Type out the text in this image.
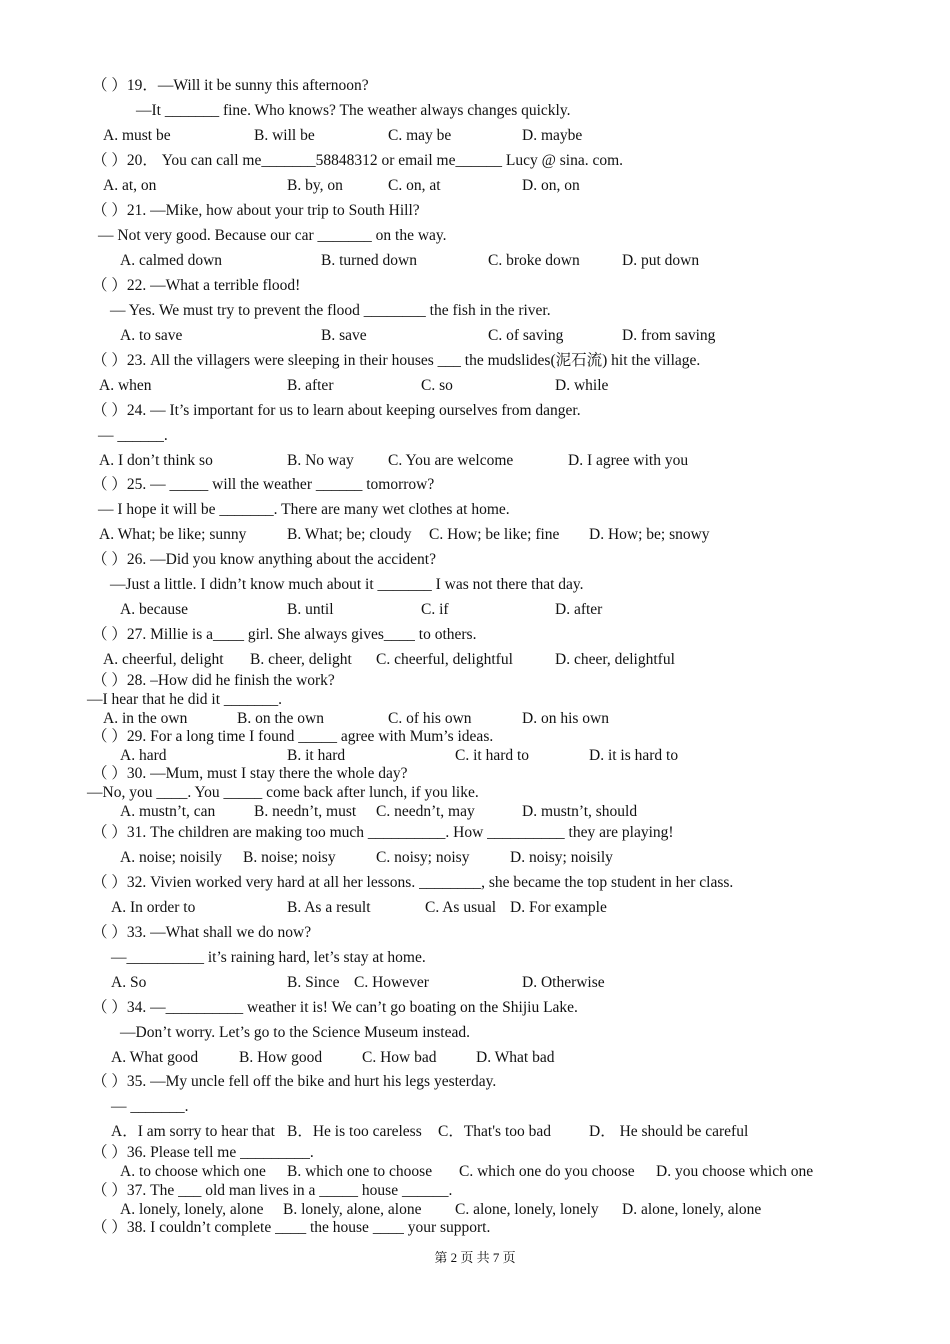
（ ）19．—Will it be sunny this afternoon?
—It _______ fine. Who knows? The weather always changes quickly.
A. must be	B. will be	C. may be	D. maybe
（ ）20． You can call me_______58848312 or email me______ Lucy @ sina. com.
A. at, on	B. by, on	C. on, at	D. on, on
（ ）21. —Mike, how about your trip to South Hill?
— Not very good. Because our car _______ on the way.
A. calmed down	B. turned down	C. broke down	D. put down
（ ）22. —What a terrible flood!
— Yes. We must try to prevent the flood ________ the fish in the river.
A. to save	B. save	C. of saving	D. from saving
（ ）23. All the villagers were sleeping in their houses ___ the mudslides(泥石流) hit the village.
A. when	B. after	C. so	D. while
（ ）24. — It’s important for us to learn about keeping ourselves from danger.
— ______.
A. I don’t think so	B. No way C. You are welcome	D. I agree with you
（ ）25. — _____ will the weather ______ tomorrow?
— I hope it will be _______. There are many wet clothes at home.
A. What; be like; sunny	B. What; be; cloudy C. How; be like; fine D. How; be; snowy
（ ）26. —Did you know anything about the accident?
—Just a little. I didn’t know much about it _______ I was not there that day.
A. because	B. until	C. if	D. after
（ ）27. Millie is a____ girl. She always gives____ to others.
A. cheerful, delight B. cheer, delight C. cheerful, delightful	D. cheer, delightful
（ ）28. –How did he finish the work?
—I hear that he did it _______.
A. in the own	B. on the own	C. of his own	D. on his own
（ ）29. For a long time I found _____ agree with Mum’s ideas.
A. hard	B. it hard	C. it hard to	D. it is hard to
（ ）30. —Mum, must I stay there the whole day?
—No, you ____. You _____ come back after lunch, if you like.
A. mustn’t, can B. needn’t, must C. needn’t, may	D. mustn’t, should
（ ）31. The children are making too much __________. How __________ they are playing!
A. noise; noisily B. noise; noisy	C. noisy; noisy	D. noisy; noisily
（ ）32. Vivien worked very hard at all her lessons. ________, she became the top student in her class.
A. In order to	B. As a result	C. As usual D. For example
（ ）33. —What shall we do now?
—__________ it’s raining hard, let’s stay at home.
A. So	B. Since C. However	D. Otherwise
（ ）34. —__________ weather it is! We can’t go boating on the Shijiu Lake.
—Don’t worry. Let’s go to the Science Museum instead.
A. What good	B. How good	C. How bad	D. What bad
（ ）35. —My uncle fell off the bike and hurt his legs yesterday.
— _______.
A．I am sorry to hear that B．He is too careless C．That's too bad D． He should be careful
（ ）36. Please tell me _________.
A. to choose which one B. which one to choose C. which one do you choose D. you choose which one
（ ）37. The ___ old man lives in a _____ house ______.
A. lonely, lonely, alone B. lonely, alone, alone C. alone, lonely, lonely D. alone, lonely, alone
（ ）38. I couldn’t complete ____ the house ____ your support.
第 2 页 共 7 页
